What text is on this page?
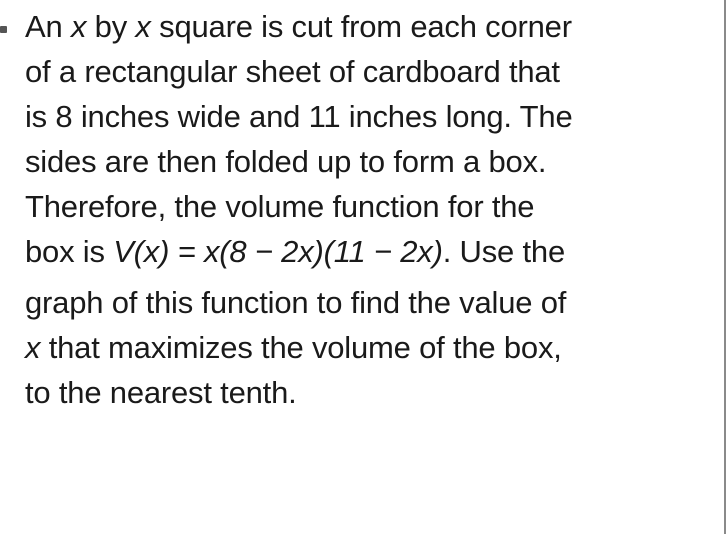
An x by x square is cut from each corner
of a rectangular sheet of cardboard that
is 8 inches wide and 11 inches long. The
sides are then folded up to form a box.
Therefore, the volume function for the
box is V(x) = x(8 − 2x)(11 − 2x). Use the
graph of this function to find the value of
x that maximizes the volume of the box,
to the nearest tenth.
